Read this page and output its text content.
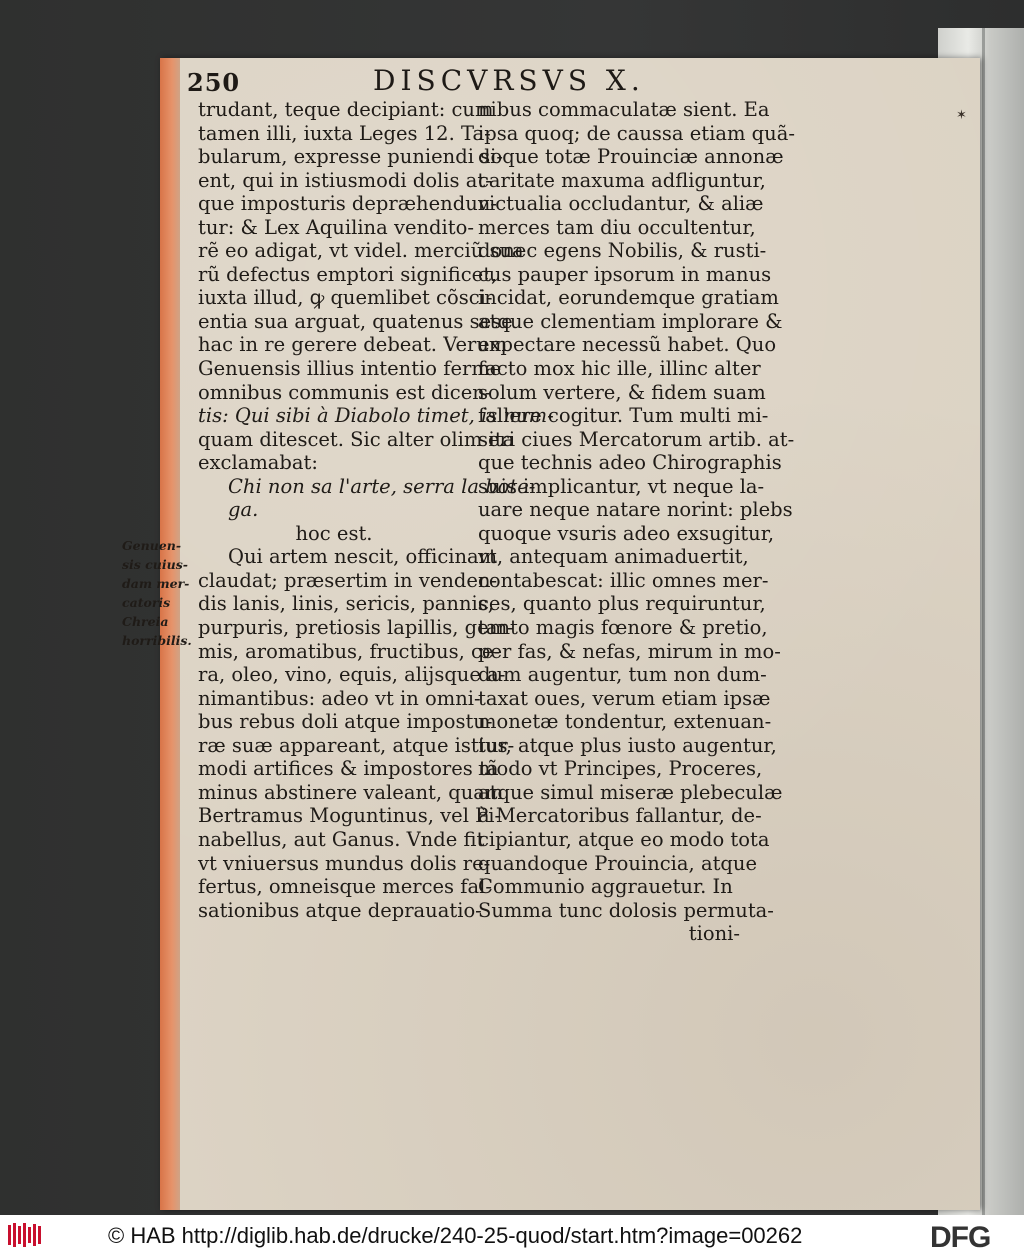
✶
250	DISCVRSVS X.
trudant, teque decipiant: cum
tamen illi, iuxta Leges 12. Ta-
bularum, expresse puniendi si-
ent, qui in istiusmodi dolis at-
que imposturis deprӕhendun-
tur: & Lex Aquilina vendito-
rẽ eo adigat, vt videl. merciũ sua
rũ defectus emptori significet,
iuxta illud, ꝙ quemlibet cõsci-
entia sua arguat, quatenus sese
hac in re gerere debeat. Verum
Genuensis illius intentio ferme
omnibus communis est dicen-
tis: Qui sibi à Diabolo timet, is num-
quam ditescet. Sic alter olim ita
exclamabat:
Chi non sa l'arte, serra la bote-
ga.
hoc est.
Qui artem nescit, officinam
claudat; prӕsertim in venden-
dis lanis, linis, sericis, pannis,
purpuris, pretiosis lapillis, gem-
mis, aromatibus, fructibus, ce-
ra, oleo, vino, equis, alijsque a-
nimantibus: adeo vt in omni-
bus rebus doli atque impostu-
rӕ suӕ appareant, atque istius-
modi artifices & impostores tã
minus abstinere valeant, quam
Bertramus Moguntinus, vel Pi-
nabellus, aut Ganus. Vnde fit
vt vniuersus mundus dolis re-
fertus, omneisque merces fal-
sationibus atque deprauatio-
nibus commaculatӕ sient. Ea
ipsa quoq; de caussa etiam quã-
doque totӕ Prouinciӕ annonӕ
caritate maxuma adfliguntur,
victualia occludantur, & aliӕ
merces tam diu occultentur,
donec egens Nobilis, & rusti-
cus pauper ipsorum in manus
incidat, eorundemque gratiam
atque clementiam implorare &
expectare necessũ habet. Quo
facto mox hic ille, illinc alter
solum vertere, & fidem suam
fallere cogitur. Tum multi mi-
seri ciues Mercatorum artib. at-
que technis adeo Chirographis
suis implicantur, vt neque la-
uare neque natare norint: plebs
quoque vsuris adeo exsugitur,
vt, antequam animaduertit,
contabescat: illic omnes mer-
ces, quanto plus requiruntur,
tanto magis fœnore & pretio,
per fas, & nefas, mirum in mo-
dum augentur, tum non dum-
taxat oues, verum etiam ipsӕ
monetӕ tondentur, extenuan-
tur, atque plus iusto augentur,
modo vt Principes, Proceres,
atque simul miserӕ plebeculӕ
à Mercatoribus fallantur, de-
cipiantur, atque eo modo tota
quandoque Prouincia, atque
Communio aggrauetur. In
Summa tunc dolosis permuta-
tioni-
Genuen-
sis cuius-
dam mer-
catoris
Chreia
horribilis.
© HAB http://diglib.hab.de/drucke/240-25-quod/start.htm?image=00262	DFG
